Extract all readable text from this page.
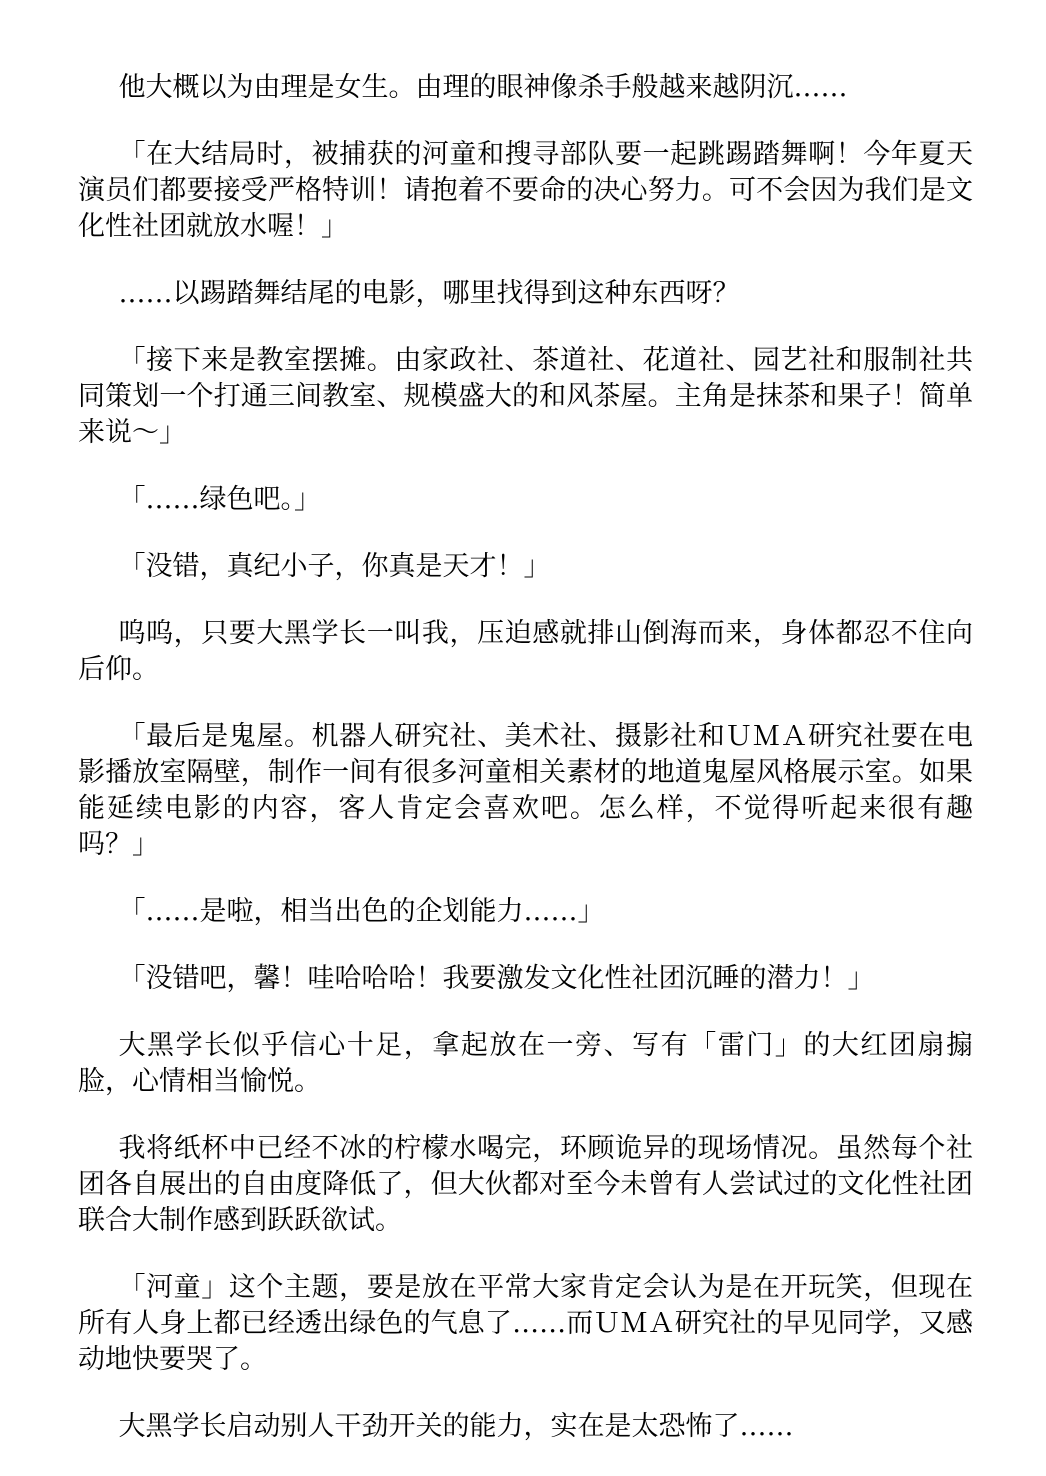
他大概以为由理是女生。由理的眼神像杀手般越来越阴沉……

「在大结局时，被捕获的河童和搜寻部队要一起跳踢踏舞啊！今年夏天演员们都要接受严格特训！请抱着不要命的决心努力。可不会因为我们是文化性社团就放水喔！」

……以踢踏舞结尾的电影，哪里找得到这种东西呀？

「接下来是教室摆摊。由家政社、茶道社、花道社、园艺社和服制社共同策划一个打通三间教室、规模盛大的和风茶屋。主角是抹茶和果子！简单来说～」

「……绿色吧。」

「没错，真纪小子，你真是天才！」

呜呜，只要大黑学长一叫我，压迫感就排山倒海而来，身体都忍不住向后仰。

「最后是鬼屋。机器人研究社、美术社、摄影社和ＵＭＡ研究社要在电影播放室隔壁，制作一间有很多河童相关素材的地道鬼屋风格展示室。如果能延续电影的内容，客人肯定会喜欢吧。怎么样，不觉得听起来很有趣吗？」

「……是啦，相当出色的企划能力……」

「没错吧，馨！哇哈哈哈！我要激发文化性社团沉睡的潜力！」

大黑学长似乎信心十足，拿起放在一旁、写有「雷门」的大红团扇搧脸，心情相当愉悦。

我将纸杯中已经不冰的柠檬水喝完，环顾诡异的现场情况。虽然每个社团各自展出的自由度降低了，但大伙都对至今未曾有人尝试过的文化性社团联合大制作感到跃跃欲试。

「河童」这个主题，要是放在平常大家肯定会认为是在开玩笑，但现在所有人身上都已经透出绿色的气息了……而ＵＭＡ研究社的早见同学，又感动地快要哭了。

大黑学长启动别人干劲开关的能力，实在是太恐怖了……
